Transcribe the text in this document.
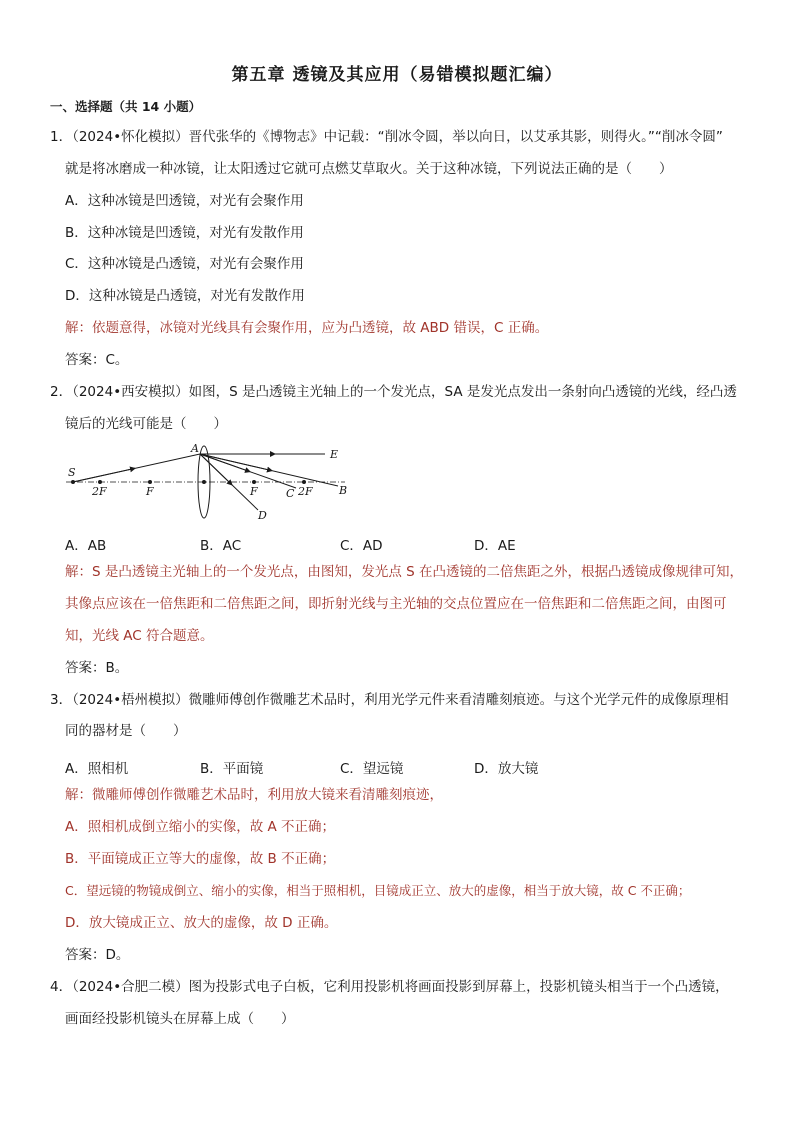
第五章 透镜及其应用（易错模拟题汇编）
一、选择题（共 14 小题）
1．（2024•怀化模拟）晋代张华的《博物志》中记载：“削冰令圆，举以向日，以艾承其影，则得火。”“削冰令圆”
就是将冰磨成一种冰镜，让太阳透过它就可点燃艾草取火。关于这种冰镜，下列说法正确的是（　　）
A．这种冰镜是凹透镜，对光有会聚作用
B．这种冰镜是凹透镜，对光有发散作用
C．这种冰镜是凸透镜，对光有会聚作用
D．这种冰镜是凸透镜，对光有发散作用
解：依题意得，冰镜对光线具有会聚作用，应为凸透镜，故 ABD 错误，C 正确。
答案：C。
2．（2024•西安模拟）如图，S 是凸透镜主光轴上的一个发光点，SA 是发光点发出一条射向凸透镜的光线，经凸透
镜后的光线可能是（　　）
S
A	E
B
C
D
2F	F	F	2F
A．AB	B．AC	C．AD	D．AE
解：S 是凸透镜主光轴上的一个发光点，由图知，发光点 S 在凸透镜的二倍焦距之外，根据凸透镜成像规律可知，
其像点应该在一倍焦距和二倍焦距之间，即折射光线与主光轴的交点位置应在一倍焦距和二倍焦距之间，由图可
知，光线 AC 符合题意。
答案：B。
3．（2024•梧州模拟）微雕师傅创作微雕艺术品时，利用光学元件来看清雕刻痕迹。与这个光学元件的成像原理相
同的器材是（　　）
A．照相机	B．平面镜	C．望远镜	D．放大镜
解：微雕师傅创作微雕艺术品时，利用放大镜来看清雕刻痕迹，
A．照相机成倒立缩小的实像，故 A 不正确；
B．平面镜成正立等大的虚像，故 B 不正确；
C．望远镜的物镜成倒立、缩小的实像，相当于照相机，目镜成正立、放大的虚像，相当于放大镜，故 C 不正确；
D．放大镜成正立、放大的虚像，故 D 正确。
答案：D。
4．（2024•合肥二模）图为投影式电子白板，它利用投影机将画面投影到屏幕上，投影机镜头相当于一个凸透镜，
画面经投影机镜头在屏幕上成（　　）
